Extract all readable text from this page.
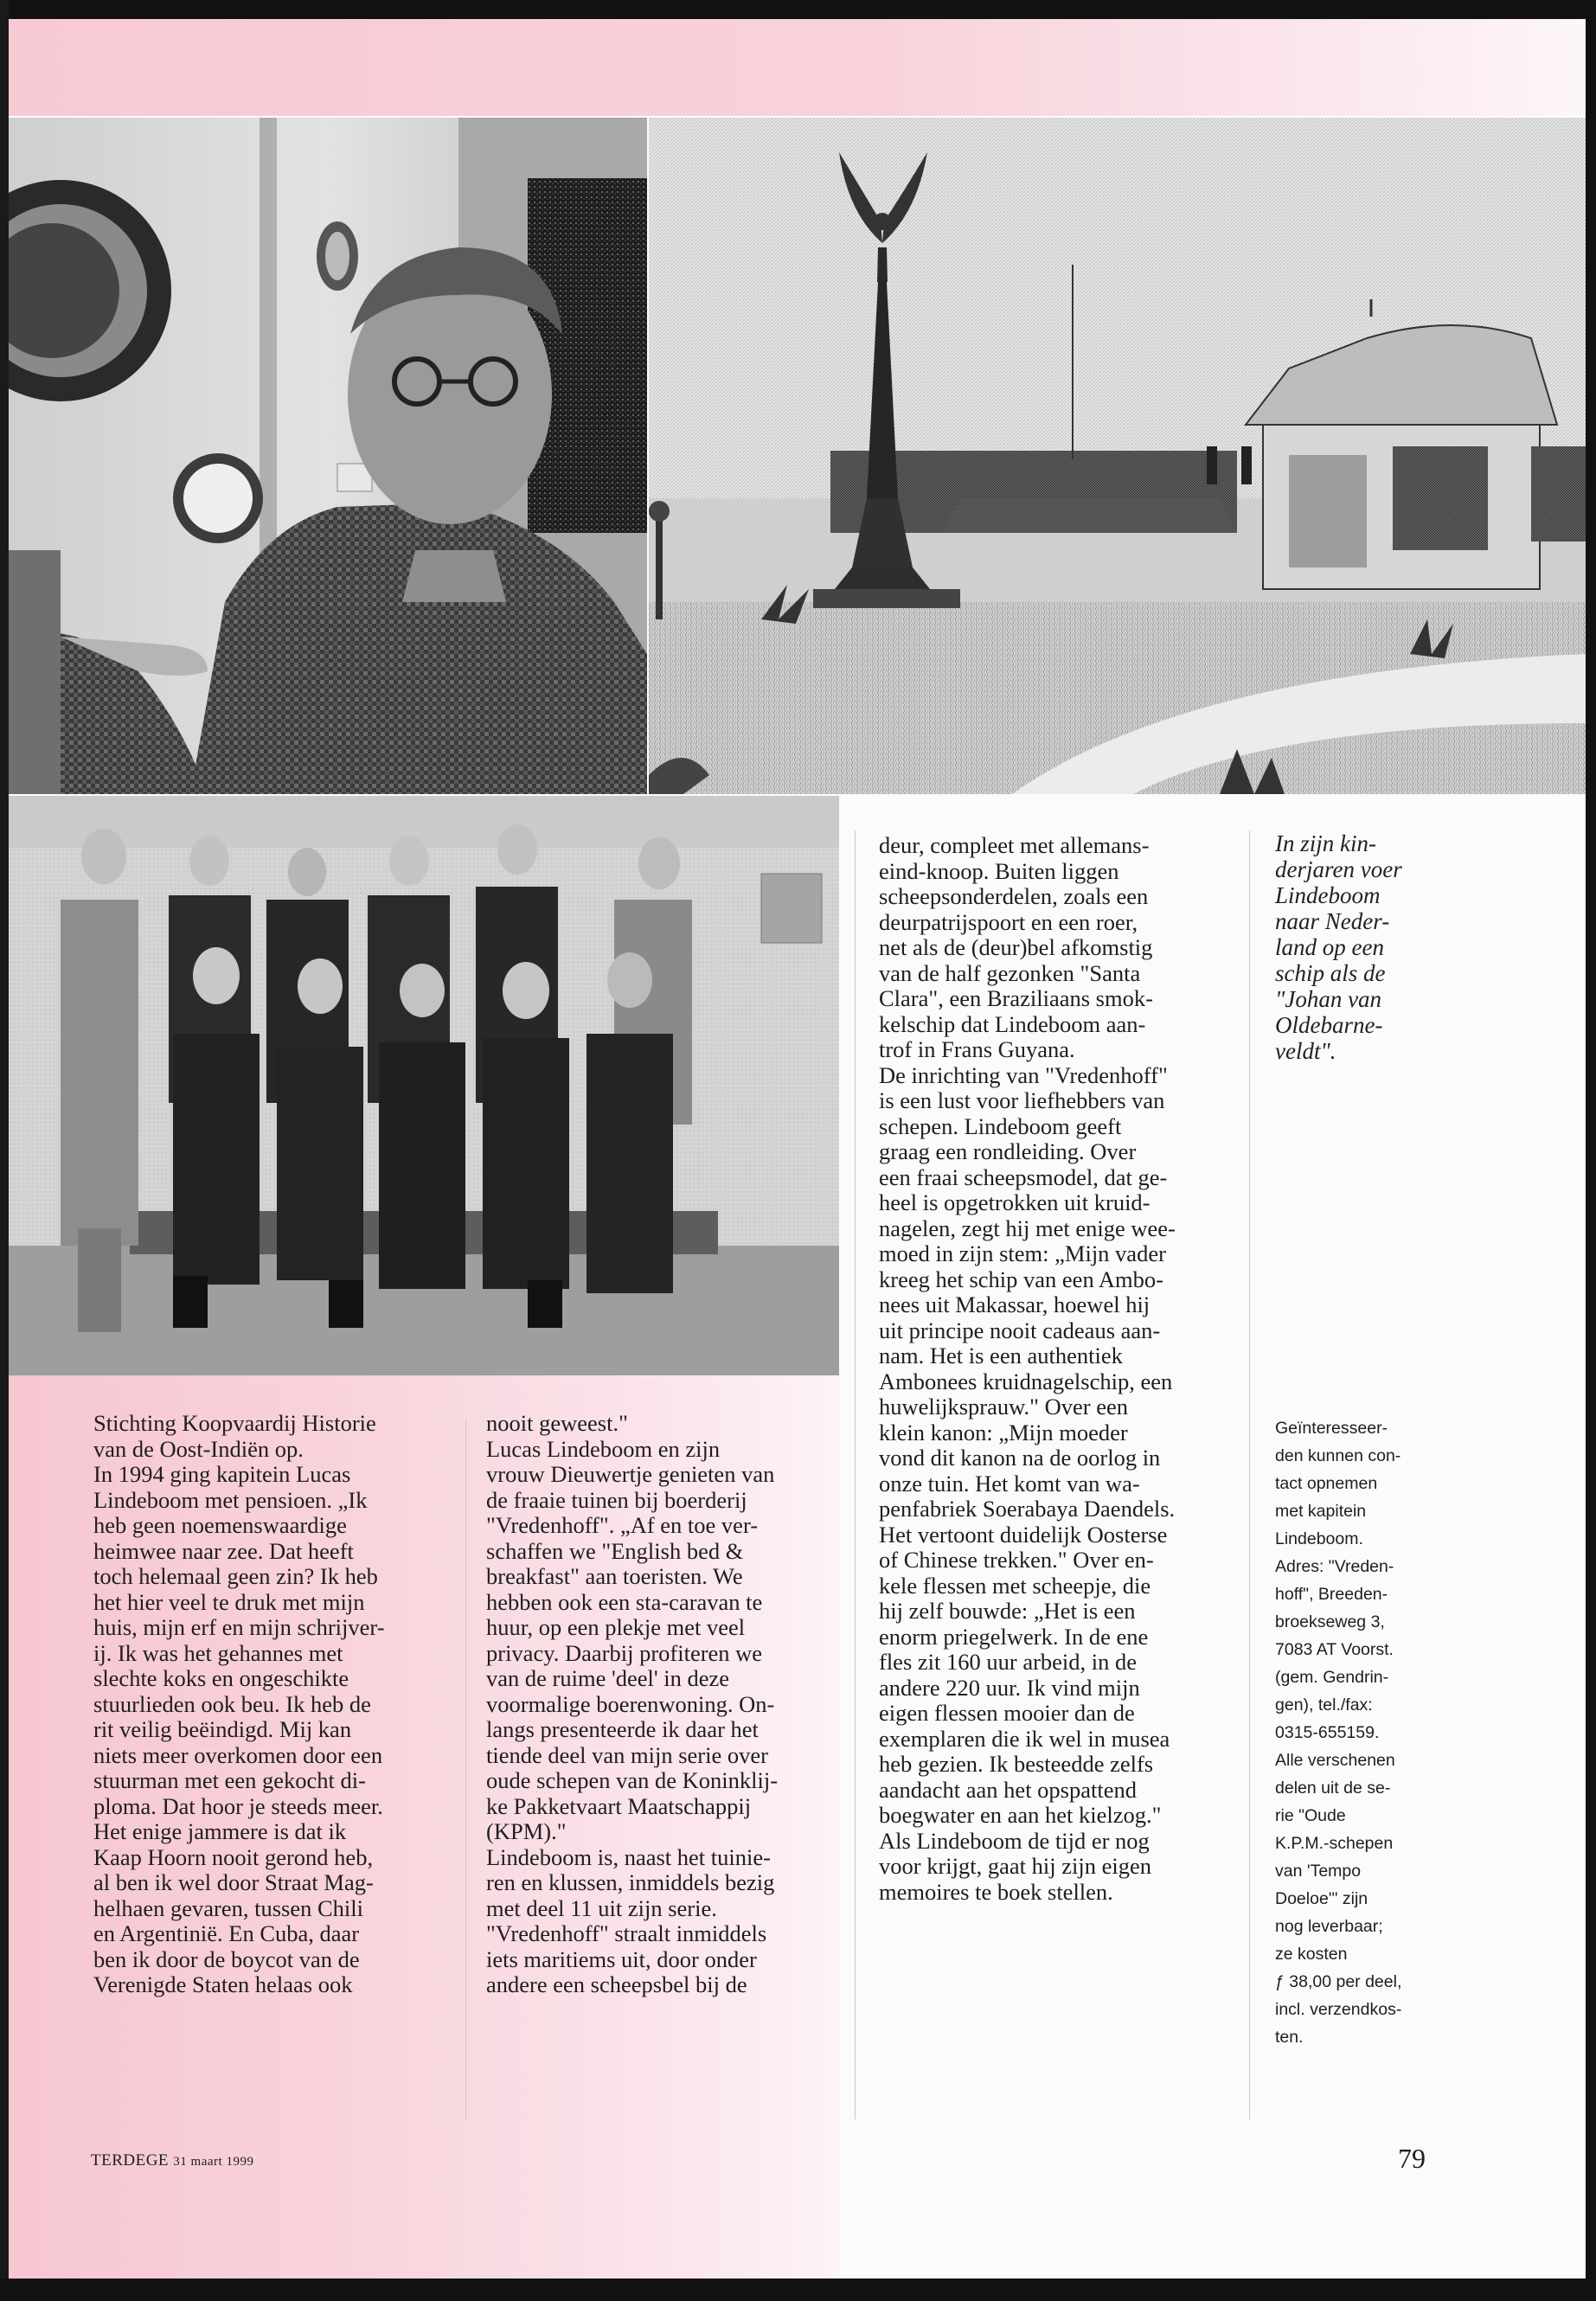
In zijn kin-
derjaren voer
Lindeboom
naar Neder-
land op een
schip als de
"Johan van
Oldebarne-
veldt".

Stichting Koopvaardij Historie

van de Oost-Indiën op.

In 1994 ging kapitein Lucas

Lindeboom met pensioen. „Ik

heb geen noemenswaardige

heimwee naar zee. Dat heeft

toch helemaal geen zin? Ik heb

het hier veel te druk met mijn

huis, mijn erf en mijn schrijver-

ij. Ik was het gehannes met

slechte koks en ongeschikte

stuurlieden ook beu. Ik heb de

rit veilig beëindigd. Mij kan

niets meer overkomen door een

stuurman met een gekocht di-

ploma. Dat hoor je steeds meer.

Het enige jammere is dat ik

Kaap Hoorn nooit gerond heb,

al ben ik wel door Straat Mag-

helhaen gevaren, tussen Chili

en Argentinië. En Cuba, daar

ben ik door de boycot van de

Verenigde Staten helaas ook

nooit geweest."

Lucas Lindeboom en zijn

vrouw Dieuwertje genieten van

de fraaie tuinen bij boerderij

"Vredenhoff". „Af en toe ver-

schaffen we "English bed &

breakfast" aan toeristen. We

hebben ook een sta-caravan te

huur, op een plekje met veel

privacy. Daarbij profiteren we

van de ruime 'deel' in deze

voormalige boerenwoning. On-

langs presenteerde ik daar het

tiende deel van mijn serie over

oude schepen van de Koninklij-

ke Pakketvaart Maatschappij

(KPM)."

Lindeboom is, naast het tuinie-

ren en klussen, inmiddels bezig

met deel 11 uit zijn serie.

"Vredenhoff" straalt inmiddels

iets maritiems uit, door onder

andere een scheepsbel bij de

deur, compleet met allemans-

eind-knoop. Buiten liggen

scheepsonderdelen, zoals een

deurpatrijspoort en een roer,

net als de (deur)bel afkomstig

van de half gezonken "Santa

Clara", een Braziliaans smok-

kelschip dat Lindeboom aan-

trof in Frans Guyana.

De inrichting van "Vredenhoff"

is een lust voor liefhebbers van

schepen. Lindeboom geeft

graag een rondleiding. Over

een fraai scheepsmodel, dat ge-

heel is opgetrokken uit kruid-

nagelen, zegt hij met enige wee-

moed in zijn stem: „Mijn vader

kreeg het schip van een Ambo-

nees uit Makassar, hoewel hij

uit principe nooit cadeaus aan-

nam. Het is een authentiek

Ambonees kruidnagelschip, een

huwelijksprauw." Over een

klein kanon: „Mijn moeder

vond dit kanon na de oorlog in

onze tuin. Het komt van wa-

penfabriek Soerabaya Daendels.

Het vertoont duidelijk Oosterse

of Chinese trekken." Over en-

kele flessen met scheepje, die

hij zelf bouwde: „Het is een

enorm priegelwerk. In de ene

fles zit 160 uur arbeid, in de

andere 220 uur. Ik vind mijn

eigen flessen mooier dan de

exemplaren die ik wel in musea

heb gezien. Ik besteedde zelfs

aandacht aan het opspattend

boegwater en aan het kielzog."

Als Lindeboom de tijd er nog

voor krijgt, gaat hij zijn eigen

memoires te boek stellen.

Geïnteresseer-
den kunnen con-
tact opnemen
met kapitein
Lindeboom.
Adres: "Vreden-
hoff", Breeden-
broekseweg 3,
7083 AT Voorst.
(gem. Gendrin-
gen), tel./fax:
0315-655159.
Alle verschenen
delen uit de se-
rie "Oude
K.P.M.-schepen
van 'Tempo
Doeloe'" zijn
nog leverbaar;
ze kosten
ƒ 38,00 per deel,
incl. verzendkos-
ten.
TERDEGE 31 maart 1999	79
